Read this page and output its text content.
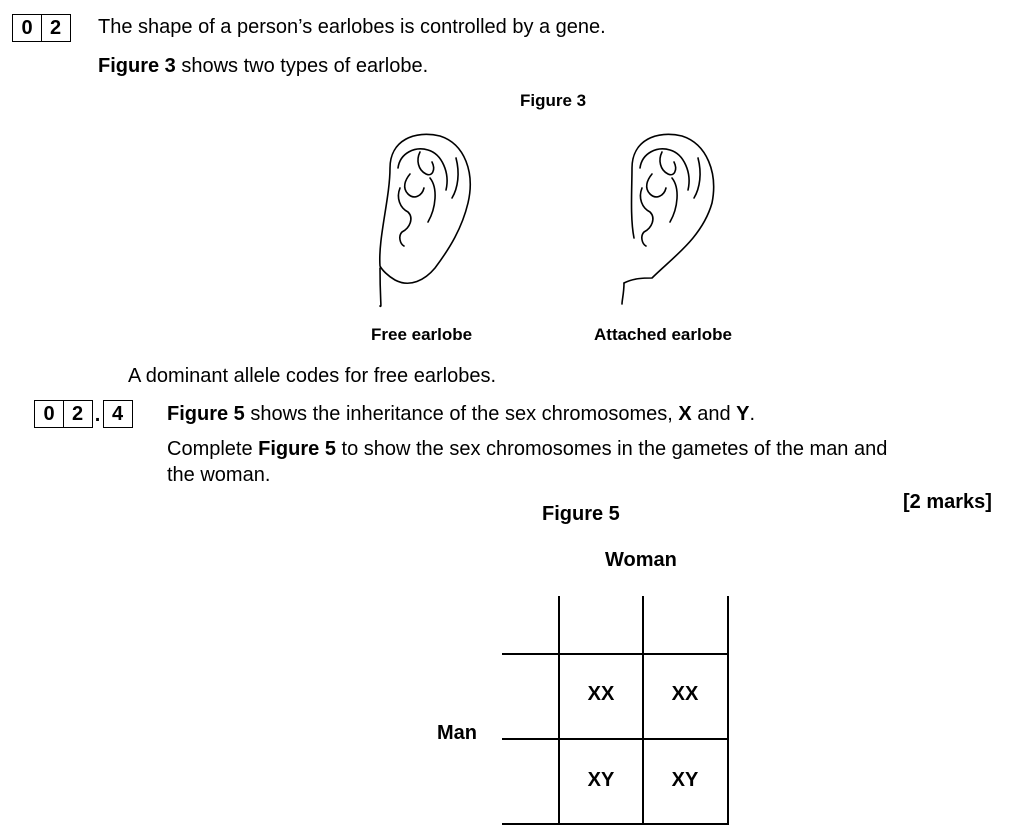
0 2	The shape of a person’s earlobes is controlled by a gene.
Figure 3 shows two types of earlobe.
Figure 3
Free earlobe	Attached earlobe
A dominant allele codes for free earlobes.
0 2 . 4	Figure 5 shows the inheritance of the sex chromosomes, X and Y.
Complete Figure 5 to show the sex chromosomes in the gametes of the man and
the woman.
[2 marks]
Figure 5
Woman
Man
XX	XX
XY	XY
